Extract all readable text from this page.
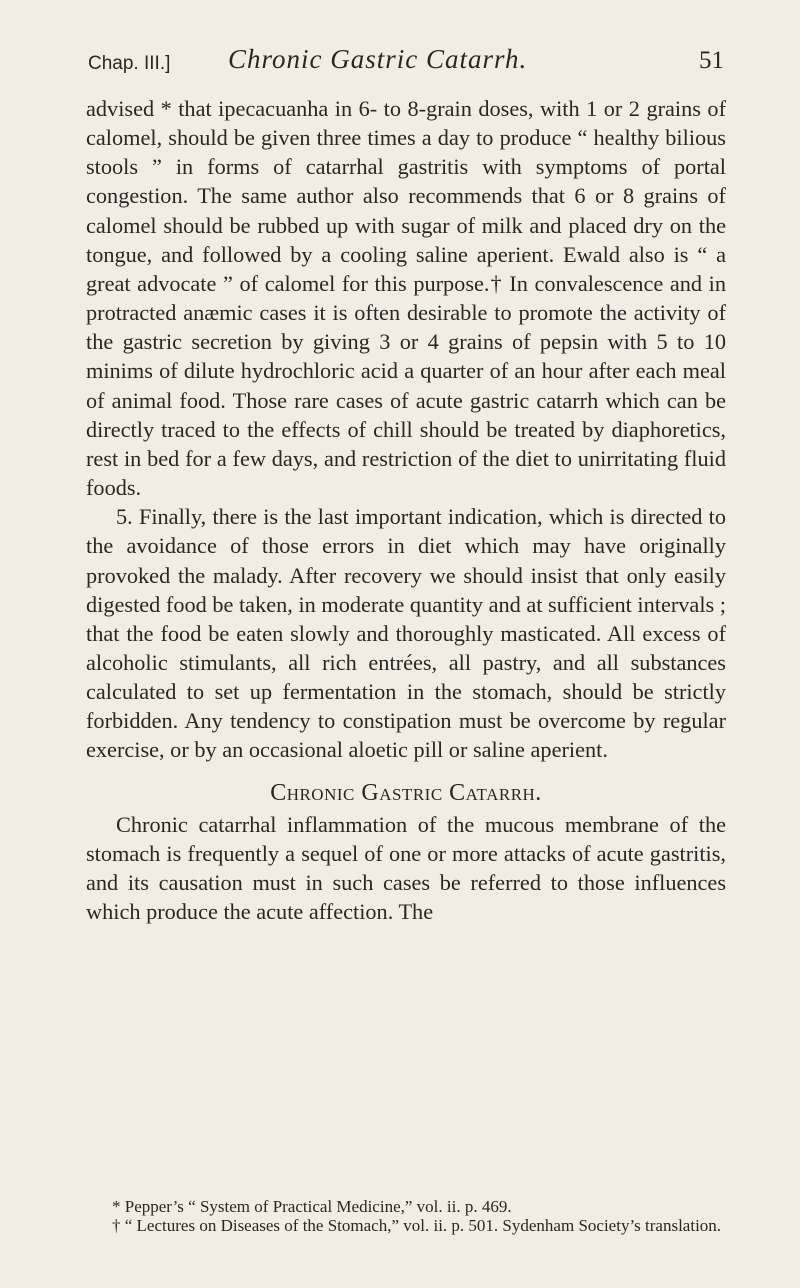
Chap. III.] Chronic Gastric Catarrh.	51

advised * that ipecacuanha in 6- to 8-grain doses, with 1 or 2 grains of calomel, should be given three times a day to produce “ healthy bilious stools ” in forms of catarrhal gastritis with symptoms of portal congestion. The same author also recommends that 6 or 8 grains of calomel should be rubbed up with sugar of milk and placed dry on the tongue, and followed by a cooling saline aperient. Ewald also is “ a great advocate ” of calomel for this purpose.† In convalescence and in protracted anæmic cases it is often desirable to promote the activity of the gastric secretion by giving 3 or 4 grains of pepsin with 5 to 10 minims of dilute hydrochloric acid a quarter of an hour after each meal of animal food. Those rare cases of acute gastric catarrh which can be directly traced to the effects of chill should be treated by diaphoretics, rest in bed for a few days, and restriction of the diet to unirritating fluid foods.

5. Finally, there is the last important indication, which is directed to the avoidance of those errors in diet which may have originally provoked the malady. After recovery we should insist that only easily digested food be taken, in moderate quantity and at sufficient intervals ; that the food be eaten slowly and thoroughly masticated. All excess of alcoholic stimulants, all rich entrées, all pastry, and all substances calculated to set up fermentation in the stomach, should be strictly forbidden. Any tendency to constipation must be overcome by regular exercise, or by an occasional aloetic pill or saline aperient.

Chronic Gastric Catarrh.

Chronic catarrhal inflammation of the mucous membrane of the stomach is frequently a sequel of one or more attacks of acute gastritis, and its causation must in such cases be referred to those influences which produce the acute affection. The

* Pepper’s “ System of Practical Medicine,” vol. ii. p. 469.

† “ Lectures on Diseases of the Stomach,” vol. ii. p. 501. Sydenham Society’s translation.
